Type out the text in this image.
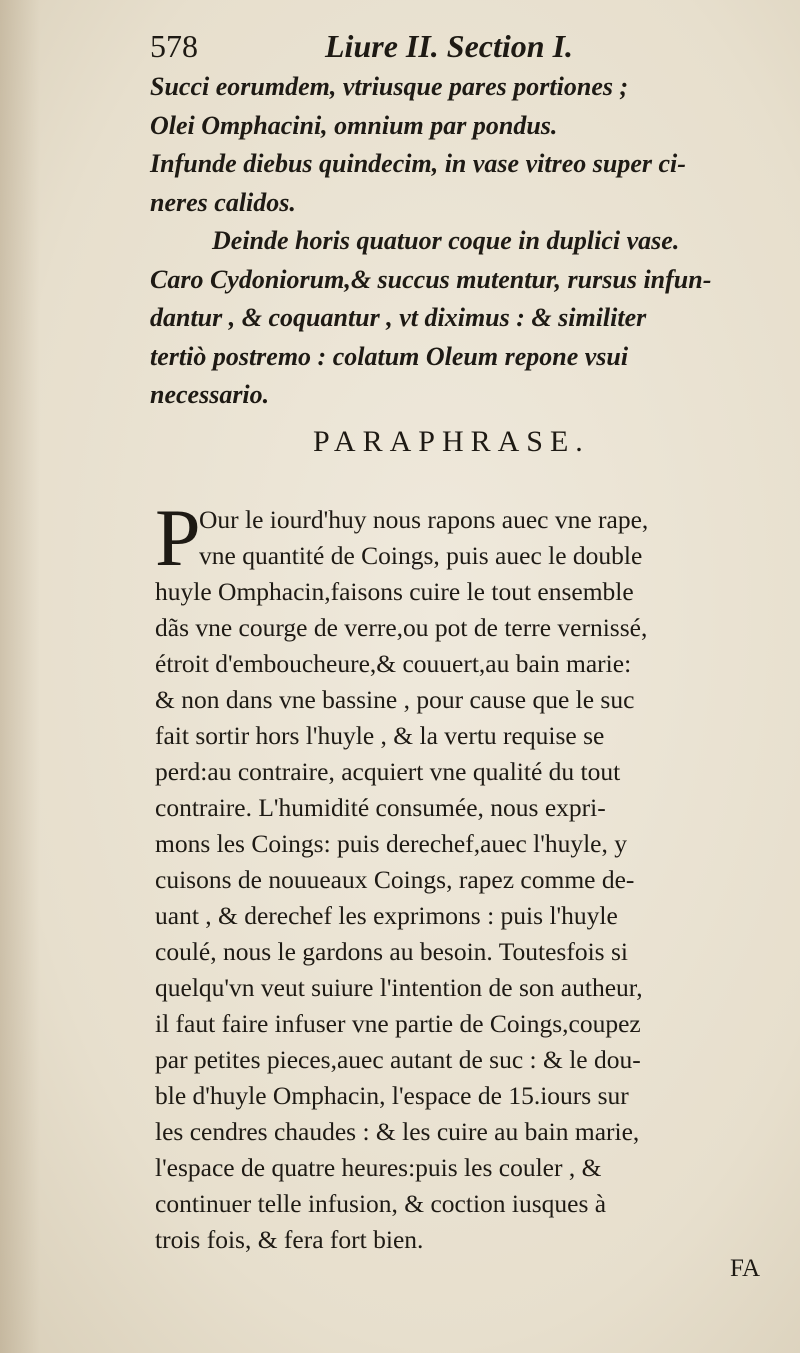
578	Liure II. Section I.
Succi eorumdem, vtriusque pares portiones ;
Olei Omphacini, omnium par pondus.
Infunde diebus quindecim, in vase vitreo super ci-
neres calidos.
Deinde horis quatuor coque in duplici vase.
Caro Cydoniorum,& succus mutentur, rursus infun-
dantur , & coquantur , vt diximus : & similiter
tertiò postremo : colatum Oleum repone vsui
necessario.
PARAPHRASE.
P
Our le iourd'huy nous rapons auec vne rape,
vne quantité de Coings, puis auec le double
huyle Omphacin,faisons cuire le tout ensemble
dãs vne courge de verre,ou pot de terre vernissé,
étroit d'emboucheure,& couuert,au bain marie:
& non dans vne bassine , pour cause que le suc
fait sortir hors l'huyle , & la vertu requise se
perd:au contraire, acquiert vne qualité du tout
contraire. L'humidité consumée, nous expri-
mons les Coings: puis derechef,auec l'huyle, y
cuisons de nouueaux Coings, rapez comme de-
uant , & derechef les exprimons : puis l'huyle
coulé, nous le gardons au besoin. Toutesfois si
quelqu'vn veut suiure l'intention de son autheur,
il faut faire infuser vne partie de Coings,coupez
par petites pieces,auec autant de suc : & le dou-
ble d'huyle Omphacin, l'espace de 15.iours sur
les cendres chaudes : & les cuire au bain marie,
l'espace de quatre heures:puis les couler , &
continuer telle infusion, & coction iusques à
trois fois, & fera fort bien.
FA
